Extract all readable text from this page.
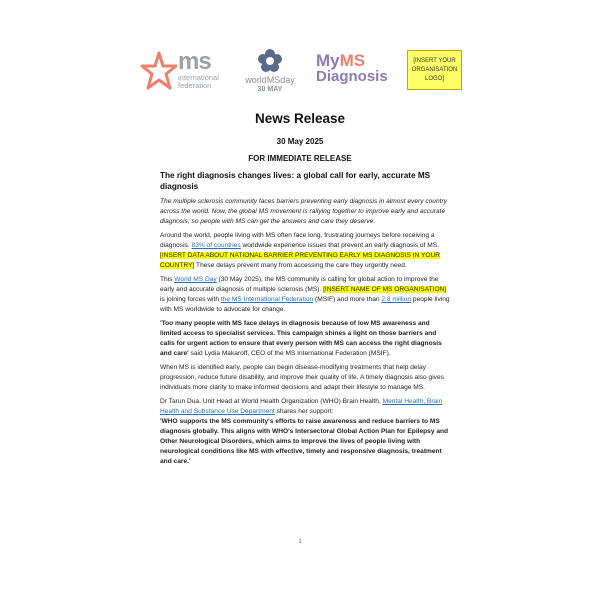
ms
international
federation
worldMSday
30 MAY
MyMS
Diagnosis
[INSERT YOUR ORGANISATION LOGO]
News Release
30 May 2025
FOR IMMEDIATE RELEASE
The right diagnosis changes lives: a global call for early, accurate MS diagnosis

The multiple sclerosis community faces barriers preventing early diagnosis in almost every country across the world. Now, the global MS movement is rallying together to improve early and accurate diagnosis, so people with MS can get the answers and care they deserve.

Around the world, people living with MS often face long, frustrating journeys before receiving a diagnosis. 83% of countries worldwide experience issues that prevent an early diagnosis of MS. [INSERT DATA ABOUT NATIONAL BARRIER PREVENTING EARLY MS DIAGNOSIS IN YOUR COUNTRY] These delays prevent many from accessing the care they urgently need.

This World MS Day (30 May 2025), the MS community is calling for global action to improve the early and accurate diagnosis of multiple sclerosis (MS). [INSERT NAME OF MS ORGANISATION] is joining forces with the MS International Federation (MSIF) and more than 2.8 million people living with MS worldwide to advocate for change.

'Too many people with MS face delays in diagnosis because of low MS awareness and limited access to specialist services. This campaign shines a light on those barriers and calls for urgent action to ensure that every person with MS can access the right diagnosis and care' said Lydia Makaroff, CEO of the MS International Federation (MSIF).

When MS is identified early, people can begin disease-modifying treatments that help delay progression, reduce future disability, and improve their quality of life. A timely diagnosis also gives individuals more clarity to make informed decisions and adapt their lifestyle to manage MS.

Dr Tarun Dua, Unit Head at World Health Organization (WHO) Brain Health, Mental Health, Brain Health and Substance Use Department shares her support:
'WHO supports the MS community's efforts to raise awareness and reduce barriers to MS diagnosis globally. This aligns with WHO's Intersectoral Global Action Plan for Epilepsy and Other Neurological Disorders, which aims to improve the lives of people living with neurological conditions like MS with effective, timely and responsive diagnosis, treatment and care.'

1
